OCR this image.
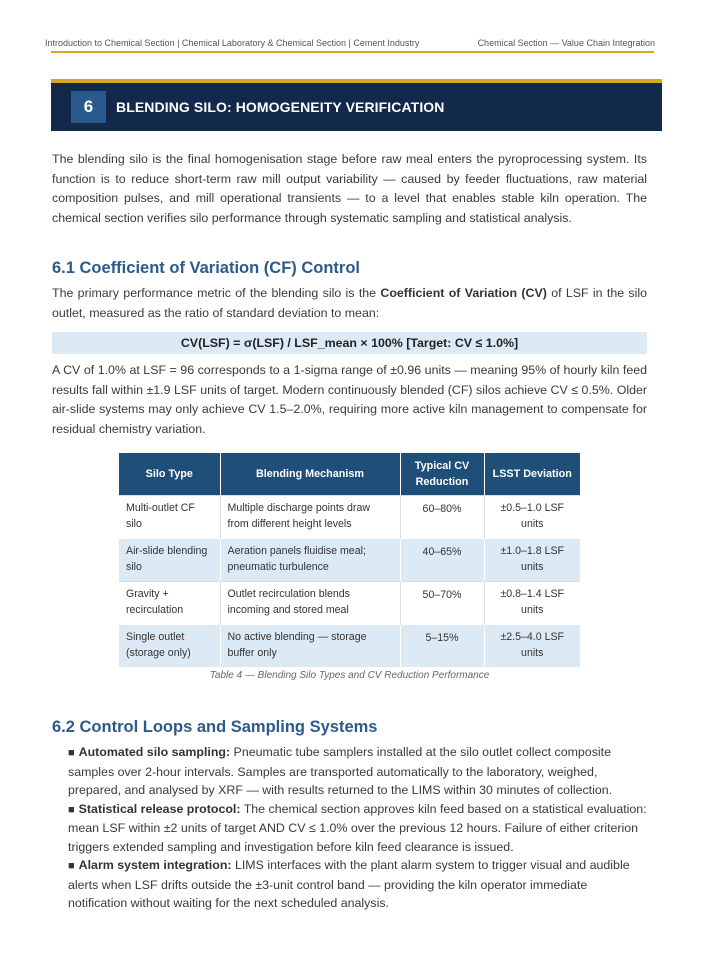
Introduction to Chemical Section | Chemical Laboratory & Chemical Section | Cement Industry	Chemical Section — Value Chain Integration
6	BLENDING SILO: HOMOGENEITY VERIFICATION

The blending silo is the final homogenisation stage before raw meal enters the pyroprocessing system. Its function is to reduce short-term raw mill output variability — caused by feeder fluctuations, raw material composition pulses, and mill operational transients — to a level that enables stable kiln operation. The chemical section verifies silo performance through systematic sampling and statistical analysis.

6.1 Coefficient of Variation (CF) Control

The primary performance metric of the blending silo is the Coefficient of Variation (CV) of LSF in the silo outlet, measured as the ratio of standard deviation to mean:

CV(LSF) = σ(LSF) / LSF_mean × 100% [Target: CV ≤ 1.0%]

A CV of 1.0% at LSF = 96 corresponds to a 1-sigma range of ±0.96 units — meaning 95% of hourly kiln feed results fall within ±1.9 LSF units of target. Modern continuously blended (CF) silos achieve CV ≤ 0.5%. Older air-slide systems may only achieve CV 1.5–2.0%, requiring more active kiln management to compensate for residual chemistry variation.

Silo Type	Blending Mechanism	Typical CV Reduction	LSST Deviation
Multi-outlet CF silo	Multiple discharge points draw from different height levels	60–80%	±0.5–1.0 LSF units
Air-slide blending silo	Aeration panels fluidise meal; pneumatic turbulence	40–65%	±1.0–1.8 LSF units
Gravity + recirculation	Outlet recirculation blends incoming and stored meal	50–70%	±0.8–1.4 LSF units
Single outlet (storage only)	No active blending — storage buffer only	5–15%	±2.5–4.0 LSF units
Table 4 — Blending Silo Types and CV Reduction Performance
6.2 Control Loops and Sampling Systems

■ Automated silo sampling: Pneumatic tube samplers installed at the silo outlet collect composite samples over 2-hour intervals. Samples are transported automatically to the laboratory, weighed, prepared, and analysed by XRF — with results returned to the LIMS within 30 minutes of collection.

■ Statistical release protocol: The chemical section approves kiln feed based on a statistical evaluation: mean LSF within ±2 units of target AND CV ≤ 1.0% over the previous 12 hours. Failure of either criterion triggers extended sampling and investigation before kiln feed clearance is issued.

■ Alarm system integration: LIMS interfaces with the plant alarm system to trigger visual and audible alerts when LSF drifts outside the ±3-unit control band — providing the kiln operator immediate notification without waiting for the next scheduled analysis.
